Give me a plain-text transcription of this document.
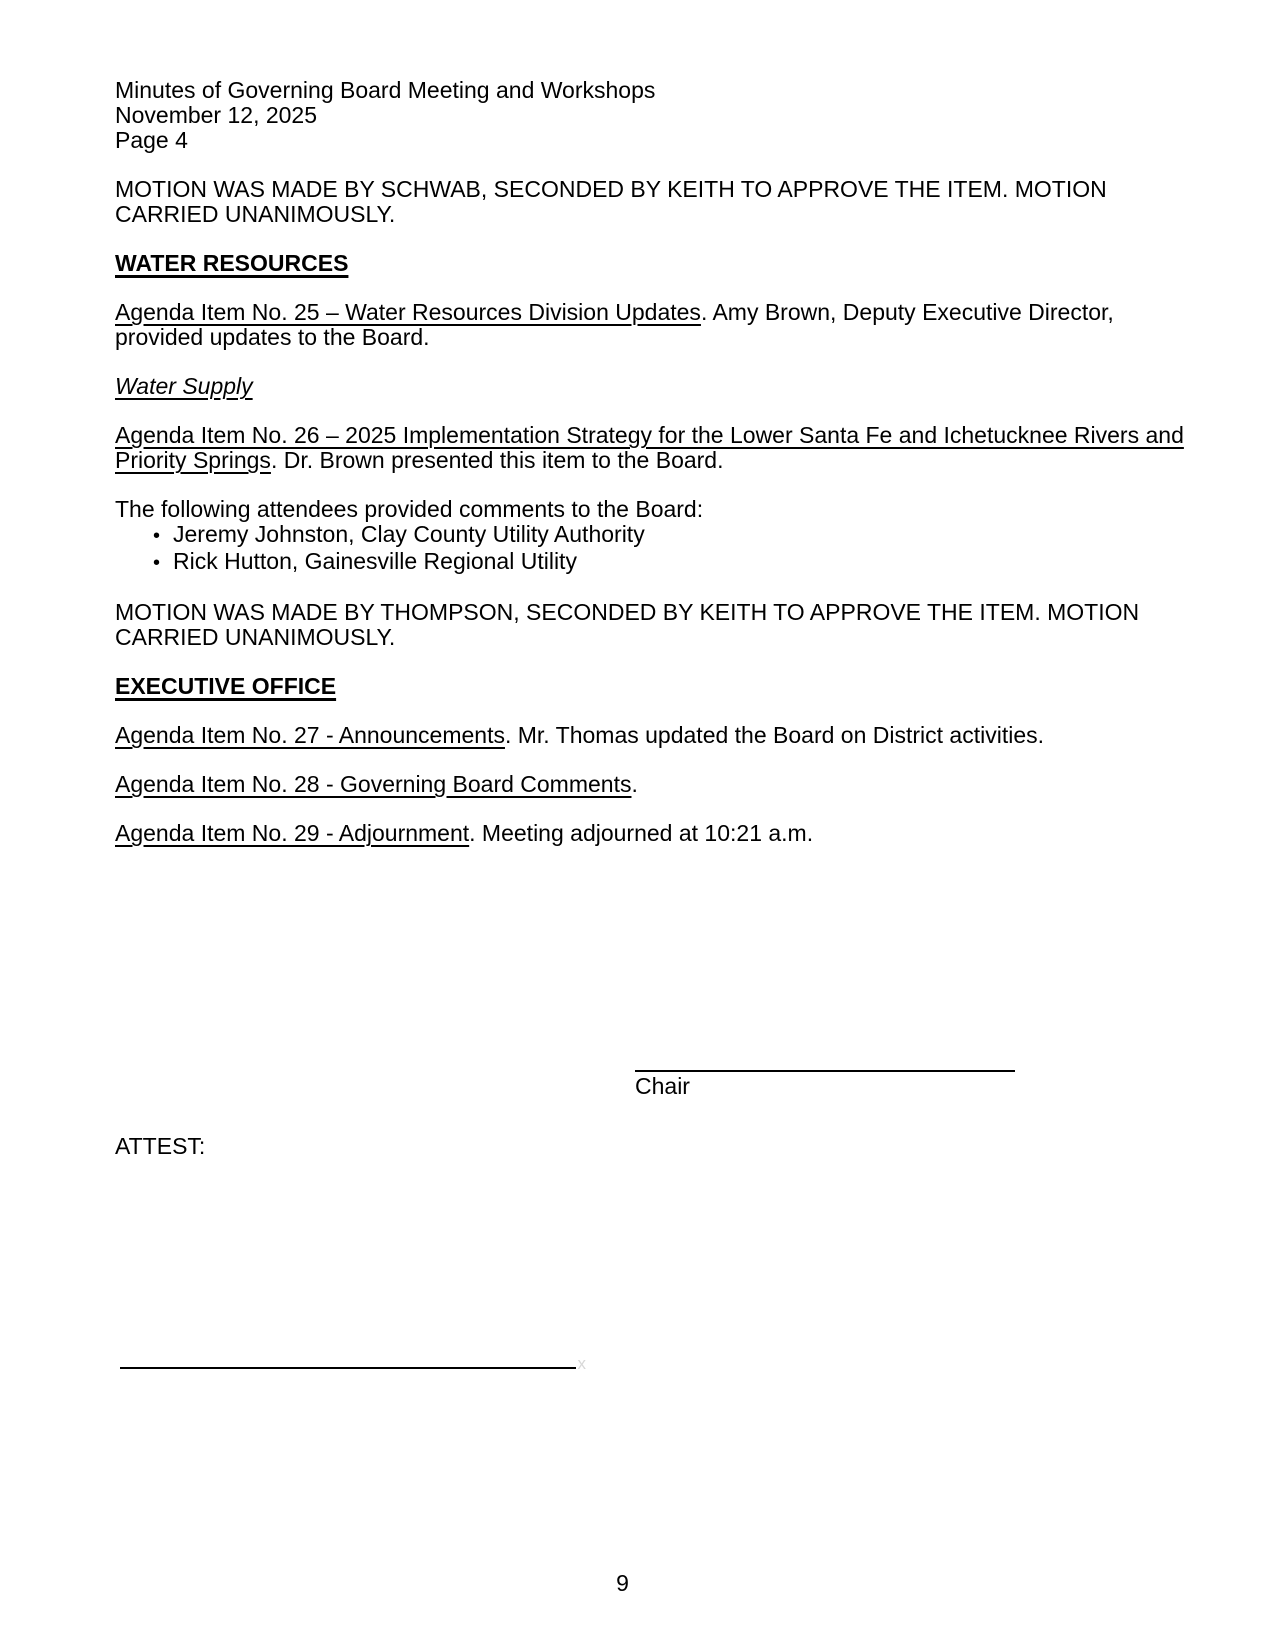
Minutes of Governing Board Meeting and Workshops

November 12, 2025

Page 4

MOTION WAS MADE BY SCHWAB, SECONDED BY KEITH TO APPROVE THE ITEM. MOTION CARRIED UNANIMOUSLY.

WATER RESOURCES

Agenda Item No. 25 – Water Resources Division Updates. Amy Brown, Deputy Executive Director, provided updates to the Board.

Water Supply

Agenda Item No. 26 – 2025 Implementation Strategy for the Lower Santa Fe and Ichetucknee Rivers and Priority Springs. Dr. Brown presented this item to the Board.

The following attendees provided comments to the Board:

• Jeremy Johnston, Clay County Utility Authority
• Rick Hutton, Gainesville Regional Utility

MOTION WAS MADE BY THOMPSON, SECONDED BY KEITH TO APPROVE THE ITEM. MOTION CARRIED UNANIMOUSLY.

EXECUTIVE OFFICE

Agenda Item No. 27 - Announcements. Mr. Thomas updated the Board on District activities.

Agenda Item No. 28 - Governing Board Comments.

Agenda Item No. 29 - Adjournment. Meeting adjourned at 10:21 a.m.

Chair

ATTEST:

x
9
